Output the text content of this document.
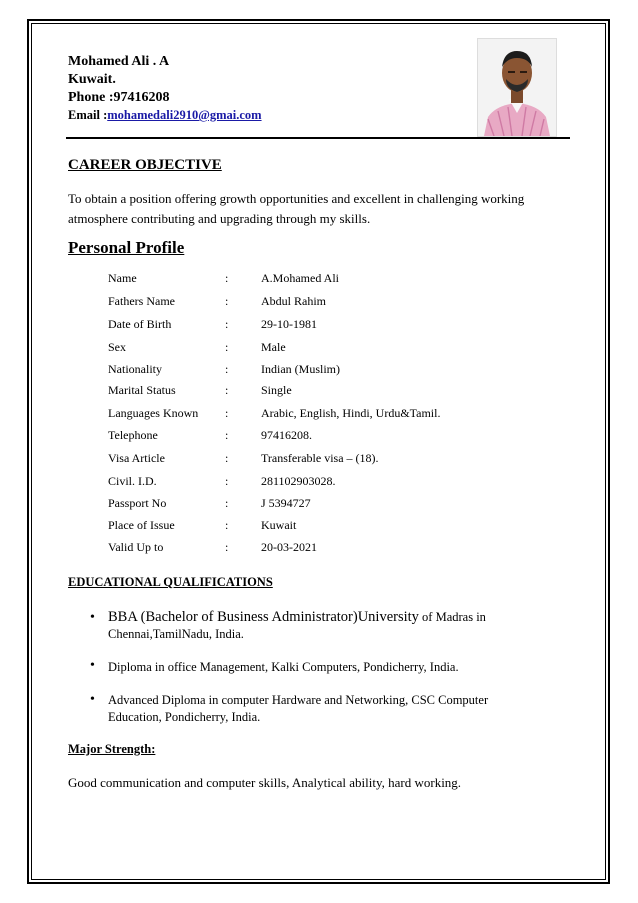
Mohamed Ali . A
Kuwait.
Phone :97416208
Email :mohamedali2910@gmai.com
CAREER OBJECTIVE
To obtain a position offering growth opportunities and excellent in challenging working atmosphere contributing and upgrading through my skills.
Personal Profile
Name	:	A.Mohamed Ali
Fathers Name	:	Abdul Rahim
Date of Birth	:	29-10-1981
Sex	:	Male
Nationality	:	Indian (Muslim)
Marital Status	:	Single
Languages Known :	Arabic, English, Hindi, Urdu&Tamil.
Telephone	:	97416208.
Visa Article	:	Transferable visa – (18).
Civil. I.D.	:	281102903028.
Passport No	:	J 5394727
Place of Issue	:	Kuwait
Valid Up to	:	20-03-2021
EDUCATIONAL QUALIFICATIONS
• BBA (Bachelor of Business Administrator)University of Madras in
Chennai,TamilNadu, India.
• Diploma in office Management, Kalki Computers, Pondicherry, India.
• Advanced Diploma in computer Hardware and Networking, CSC Computer
Education, Pondicherry, India.
Major Strength:
Good communication and computer skills, Analytical ability, hard working.
